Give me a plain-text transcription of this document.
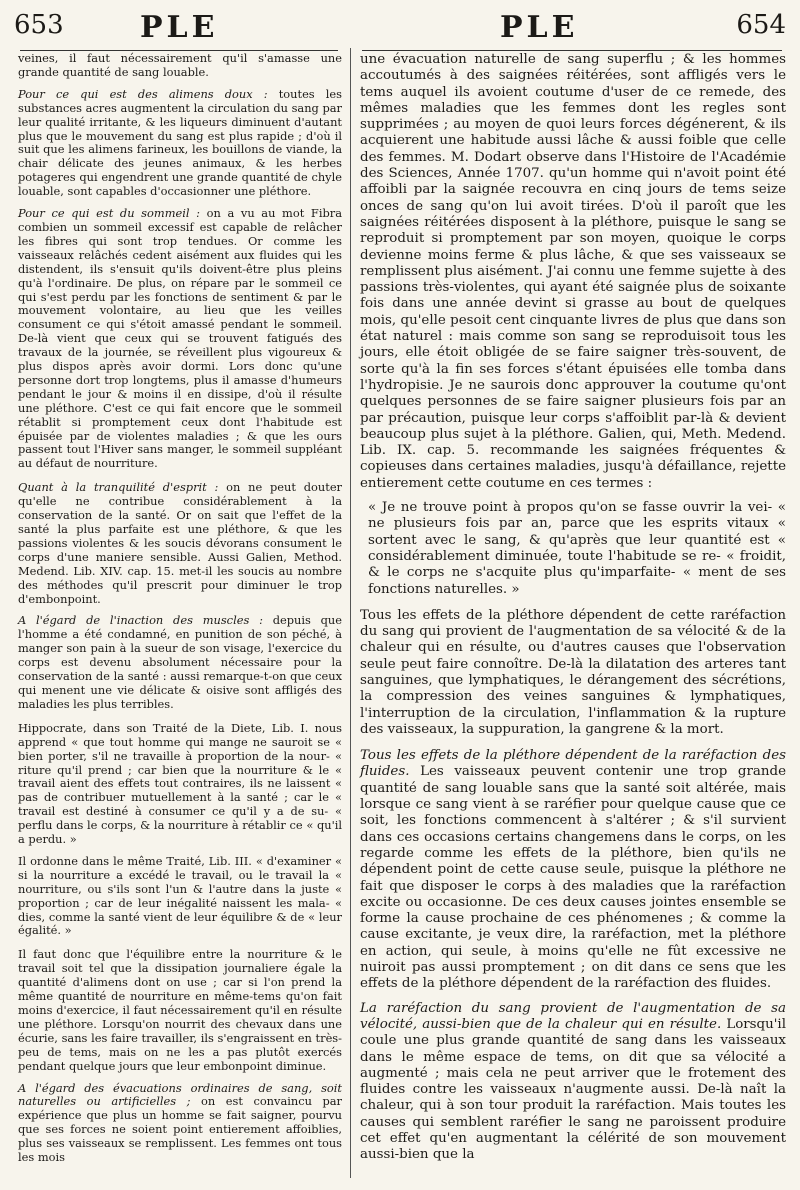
653	PLE	PLE	654

veines, il faut nécessairement qu'il s'amasse une grande quantité de sang louable.

Pour ce qui est des alimens doux : toutes les substances acres augmentent la circulation du sang par leur qualité irritante, & les liqueurs diminuent d'autant plus que le mouvement du sang est plus rapide ; d'où il suit que les alimens farineux, les bouillons de viande, la chair délicate des jeunes animaux, & les herbes potageres qui engendrent une grande quantité de chyle louable, sont capables d'occasionner une pléthore.

Pour ce qui est du sommeil : on a vu au mot Fibra combien un sommeil excessif est capable de relâcher les fibres qui sont trop tendues. Or comme les vaisseaux relâchés cedent aisément aux fluides qui les distendent, ils s'ensuit qu'ils doivent-être plus pleins qu'à l'ordinaire. De plus, on répare par le sommeil ce qui s'est perdu par les fonctions de sentiment & par le mouvement volontaire, au lieu que les veilles consument ce qui s'étoit amassé pendant le sommeil. De-là vient que ceux qui se trouvent fatigués des travaux de la journée, se réveillent plus vigoureux & plus dispos après avoir dormi. Lors donc qu'une personne dort trop longtems, plus il amasse d'humeurs pendant le jour & moins il en dissipe, d'où il résulte une pléthore. C'est ce qui fait encore que le sommeil rétablit si promptement ceux dont l'habitude est épuisée par de violentes maladies ; & que les ours passent tout l'Hiver sans manger, le sommeil suppléant au défaut de nourriture.

Quant à la tranquilité d'esprit : on ne peut douter qu'elle ne contribue considérablement à la conservation de la santé. Or on sait que l'effet de la santé la plus parfaite est une pléthore, & que les passions violentes & les soucis dévorans consument le corps d'une maniere sensible. Aussi Galien, Method. Medend. Lib. XIV. cap. 15. met-il les soucis au nombre des méthodes qu'il prescrit pour diminuer le trop d'embonpoint.

A l'égard de l'inaction des muscles : depuis que l'homme a été condamné, en punition de son péché, à manger son pain à la sueur de son visage, l'exercice du corps est devenu absolument nécessaire pour la conservation de la santé : aussi remarque-t-on que ceux qui menent une vie délicate & oisive sont affligés des maladies les plus terribles.

Hippocrate, dans son Traité de la Diete, Lib. I. nous apprend « que tout homme qui mange ne sauroit se « bien porter, s'il ne travaille à proportion de la nour- « riture qu'il prend ; car bien que la nourriture & le « travail aient des effets tout contraires, ils ne laissent « pas de contribuer mutuellement à la santé ; car le « travail est destiné à consumer ce qu'il y a de su- « perflu dans le corps, & la nourriture à rétablir ce « qu'il a perdu. »

Il ordonne dans le même Traité, Lib. III. « d'examiner « si la nourriture a excédé le travail, ou le travail la « nourriture, ou s'ils sont l'un & l'autre dans la juste « proportion ; car de leur inégalité naissent les mala- « dies, comme la santé vient de leur équilibre & de « leur égalité. »

Il faut donc que l'équilibre entre la nourriture & le travail soit tel que la dissipation journaliere égale la quantité d'alimens dont on use ; car si l'on prend la même quantité de nourriture en même-tems qu'on fait moins d'exercice, il faut nécessairement qu'il en résulte une pléthore. Lorsqu'on nourrit des chevaux dans une écurie, sans les faire travailler, ils s'engraissent en très-peu de tems, mais on ne les a pas plutôt exercés pendant quelque jours que leur embonpoint diminue.

A l'égard des évacuations ordinaires de sang, soit naturelles ou artificielles ; on est convaincu par expérience que plus un homme se fait saigner, pourvu que ses forces ne soient point entierement affoiblies, plus ses vaisseaux se remplissent. Les femmes ont tous les mois

une évacuation naturelle de sang superflu ; & les hommes accoutumés à des saignées réitérées, sont affligés vers le tems auquel ils avoient coutume d'user de ce remede, des mêmes maladies que les femmes dont les regles sont supprimées ; au moyen de quoi leurs forces dégénerent, & ils acquierent une habitude aussi lâche & aussi foible que celle des femmes. M. Dodart observe dans l'Histoire de l'Académie des Sciences, Année 1707. qu'un homme qui n'avoit point été affoibli par la saignée recouvra en cinq jours de tems seize onces de sang qu'on lui avoit tirées. D'où il paroît que les saignées réitérées disposent à la pléthore, puisque le sang se reproduit si promptement par son moyen, quoique le corps devienne moins ferme & plus lâche, & que ses vaisseaux se remplissent plus aisément. J'ai connu une femme sujette à des passions très-violentes, qui ayant été saignée plus de soixante fois dans une année devint si grasse au bout de quelques mois, qu'elle pesoit cent cinquante livres de plus que dans son état naturel : mais comme son sang se reproduisoit tous les jours, elle étoit obligée de se faire saigner très-souvent, de sorte qu'à la fin ses forces s'étant épuisées elle tomba dans l'hydropisie. Je ne saurois donc approuver la coutume qu'ont quelques personnes de se faire saigner plusieurs fois par an par précaution, puisque leur corps s'affoiblit par-là & devient beaucoup plus sujet à la pléthore. Galien, qui, Meth. Medend. Lib. IX. cap. 5. recommande les saignées fréquentes & copieuses dans certaines maladies, jusqu'à défaillance, rejette entierement cette coutume en ces termes :

« Je ne trouve point à propos qu'on se fasse ouvrir la vei- « ne plusieurs fois par an, parce que les esprits vitaux « sortent avec le sang, & qu'après que leur quantité est « considérablement diminuée, toute l'habitude se re- « froidit, & le corps ne s'acquite plus qu'imparfaite- « ment de ses fonctions naturelles. »

Tous les effets de la pléthore dépendent de cette raréfaction du sang qui provient de l'augmentation de sa vélocité & de la chaleur qui en résulte, ou d'autres causes que l'observation seule peut faire connoître. De-là la dilatation des arteres tant sanguines, que lymphatiques, le dérangement des sécrétions, la compression des veines sanguines & lymphatiques, l'interruption de la circulation, l'inflammation & la rupture des vaisseaux, la suppuration, la gangrene & la mort.

Tous les effets de la pléthore dépendent de la raréfaction des fluides. Les vaisseaux peuvent contenir une trop grande quantité de sang louable sans que la santé soit altérée, mais lorsque ce sang vient à se raréfier pour quelque cause que ce soit, les fonctions commencent à s'altérer ; & s'il survient dans ces occasions certains changemens dans le corps, on les regarde comme les effets de la pléthore, bien qu'ils ne dépendent point de cette cause seule, puisque la pléthore ne fait que disposer le corps à des maladies que la raréfaction excite ou occasionne. De ces deux causes jointes ensemble se forme la cause prochaine de ces phénomenes ; & comme la cause excitante, je veux dire, la raréfaction, met la pléthore en action, qui seule, à moins qu'elle ne fût excessive ne nuiroit pas aussi promptement ; on dit dans ce sens que les effets de la pléthore dépendent de la raréfaction des fluides.

La raréfaction du sang provient de l'augmentation de sa vélocité, aussi-bien que de la chaleur qui en résulte. Lorsqu'il coule une plus grande quantité de sang dans les vaisseaux dans le même espace de tems, on dit que sa vélocité a augmenté ; mais cela ne peut arriver que le frotement des fluides contre les vaisseaux n'augmente aussi. De-là naît la chaleur, qui à son tour produit la raréfaction. Mais toutes les causes qui semblent raréfier le sang ne paroissent produire cet effet qu'en augmentant la célérité de son mouvement aussi-bien que la
